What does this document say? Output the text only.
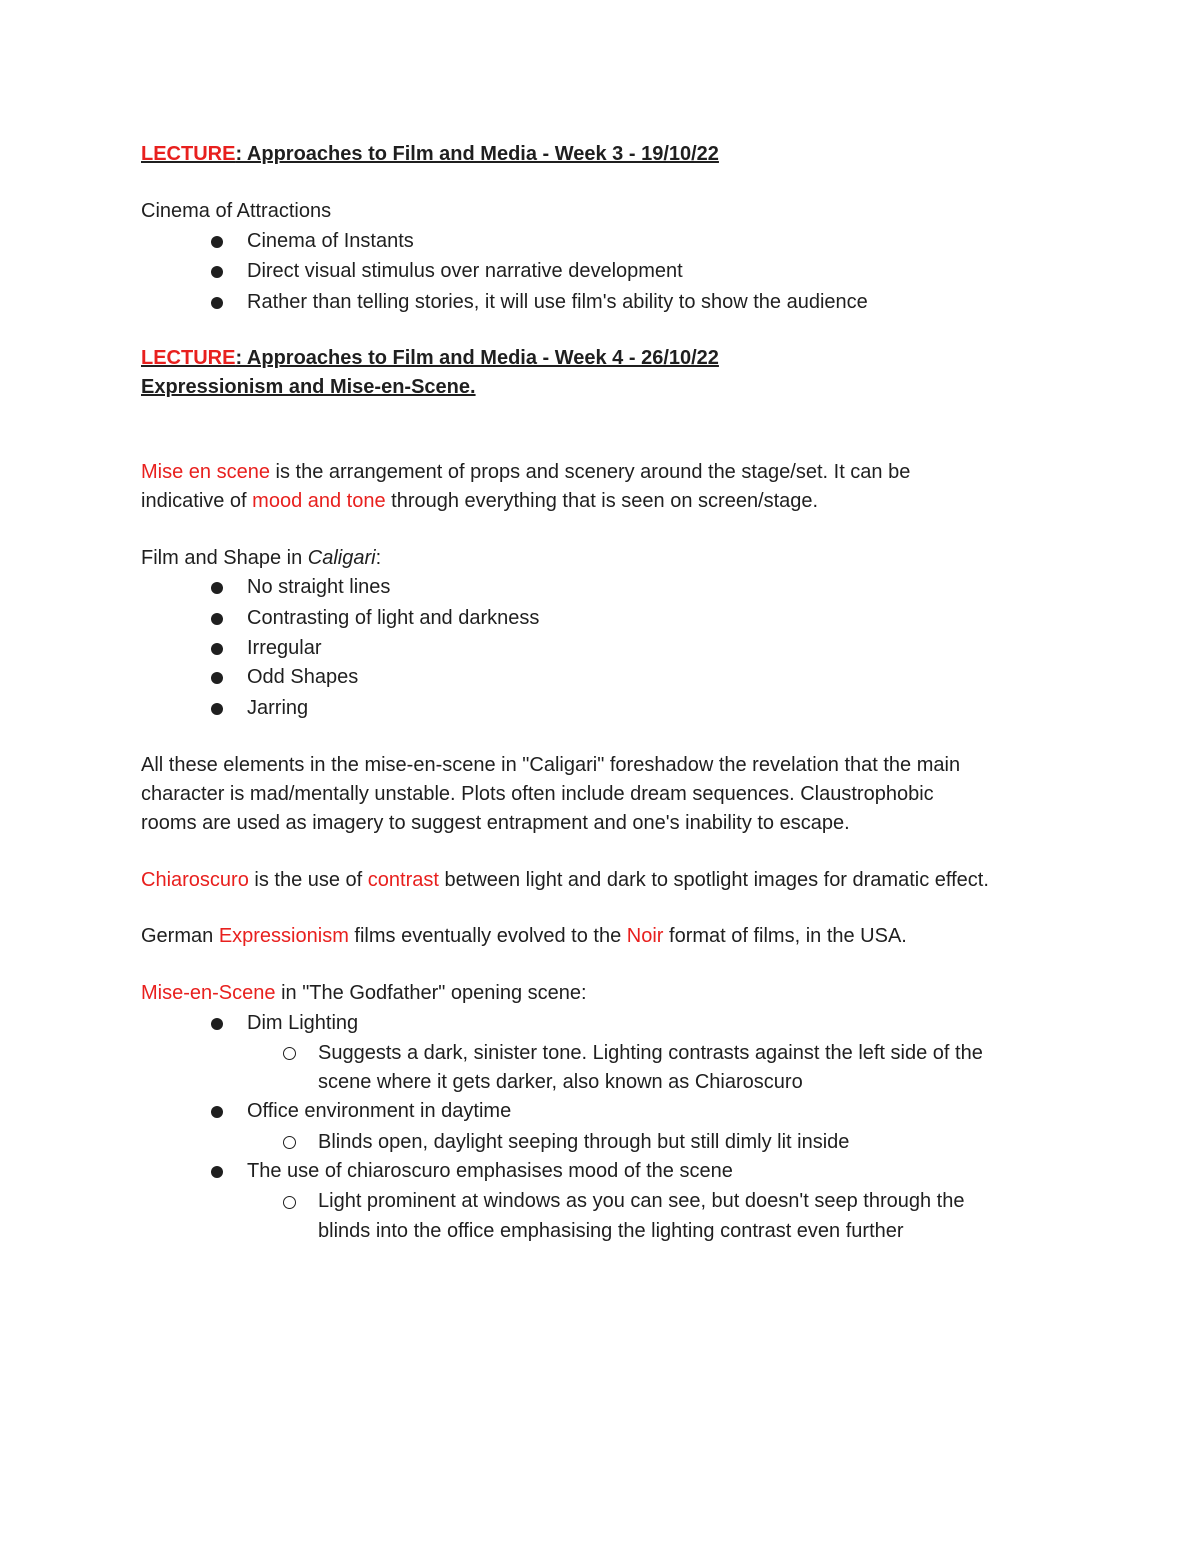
LECTURE: Approaches to Film and Media - Week 3 - 19/10/22
Cinema of Attractions
Cinema of Instants
Direct visual stimulus over narrative development
Rather than telling stories, it will use film's ability to show the audience
LECTURE: Approaches to Film and Media - Week 4 - 26/10/22
Expressionism and Mise-en-Scene.
Mise en scene is the arrangement of props and scenery around the stage/set. It can be
indicative of mood and tone through everything that is seen on screen/stage.
Film and Shape in Caligari:
No straight lines
Contrasting of light and darkness
Irregular
Odd Shapes
Jarring
All these elements in the mise-en-scene in "Caligari" foreshadow the revelation that the main
character is mad/mentally unstable. Plots often include dream sequences. Claustrophobic
rooms are used as imagery to suggest entrapment and one's inability to escape.
Chiaroscuro is the use of contrast between light and dark to spotlight images for dramatic effect.
German Expressionism films eventually evolved to the Noir format of films, in the USA.
Mise-en-Scene in "The Godfather" opening scene:
Dim Lighting
Suggests a dark, sinister tone. Lighting contrasts against the left side of the
scene where it gets darker, also known as Chiaroscuro
Office environment in daytime
Blinds open, daylight seeping through but still dimly lit inside
The use of chiaroscuro emphasises mood of the scene
Light prominent at windows as you can see, but doesn't seep through the
blinds into the office emphasising the lighting contrast even further
